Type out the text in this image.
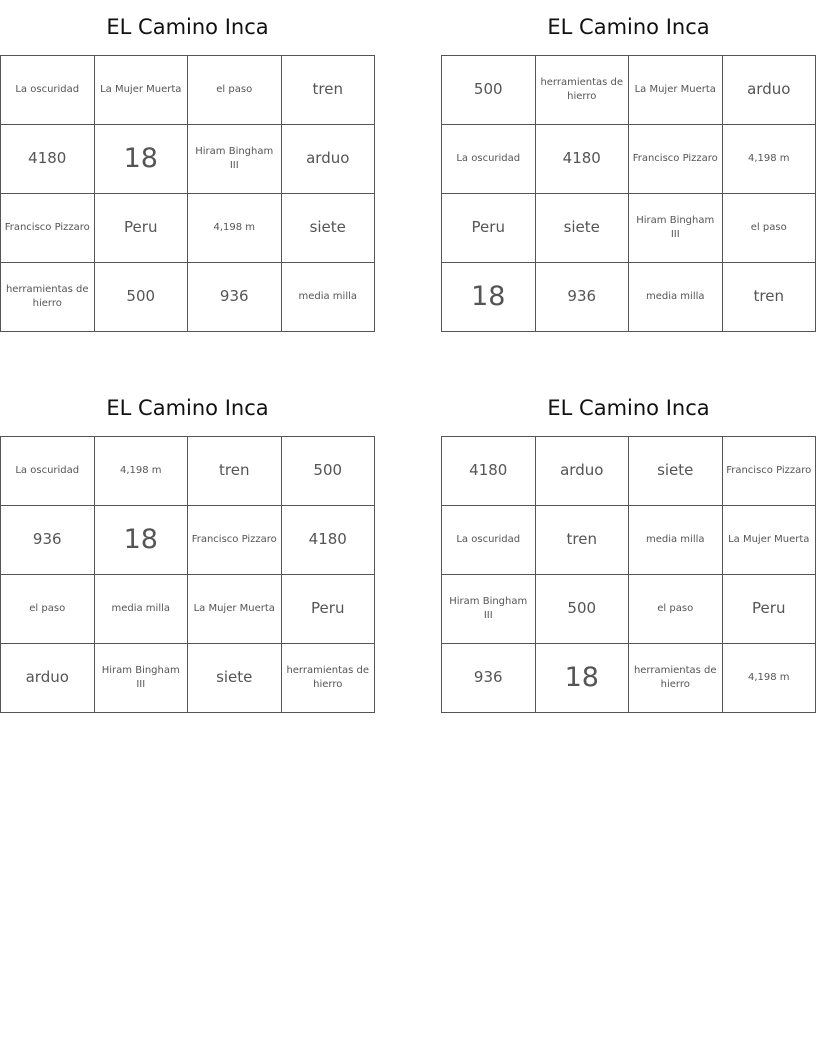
EL Camino Inca
La oscuridad	La Mujer Muerta	el paso	tren
4180	18	Hiram Bingham III	arduo
Francisco Pizzaro	Peru	4,198 m	siete
herramientas de hierro	500	936	media milla
EL Camino Inca
500	herramientas de hierro	La Mujer Muerta	arduo
La oscuridad	4180	Francisco Pizzaro	4,198 m
Peru	siete	Hiram Bingham III	el paso
18	936	media milla	tren
EL Camino Inca
La oscuridad	4,198 m	tren	500
936	18	Francisco Pizzaro	4180
el paso	media milla	La Mujer Muerta	Peru
arduo	Hiram Bingham III	siete	herramientas de hierro
EL Camino Inca
4180	arduo	siete	Francisco Pizzaro
La oscuridad	tren	media milla	La Mujer Muerta
Hiram Bingham III	500	el paso	Peru
936	18	herramientas de hierro	4,198 m
